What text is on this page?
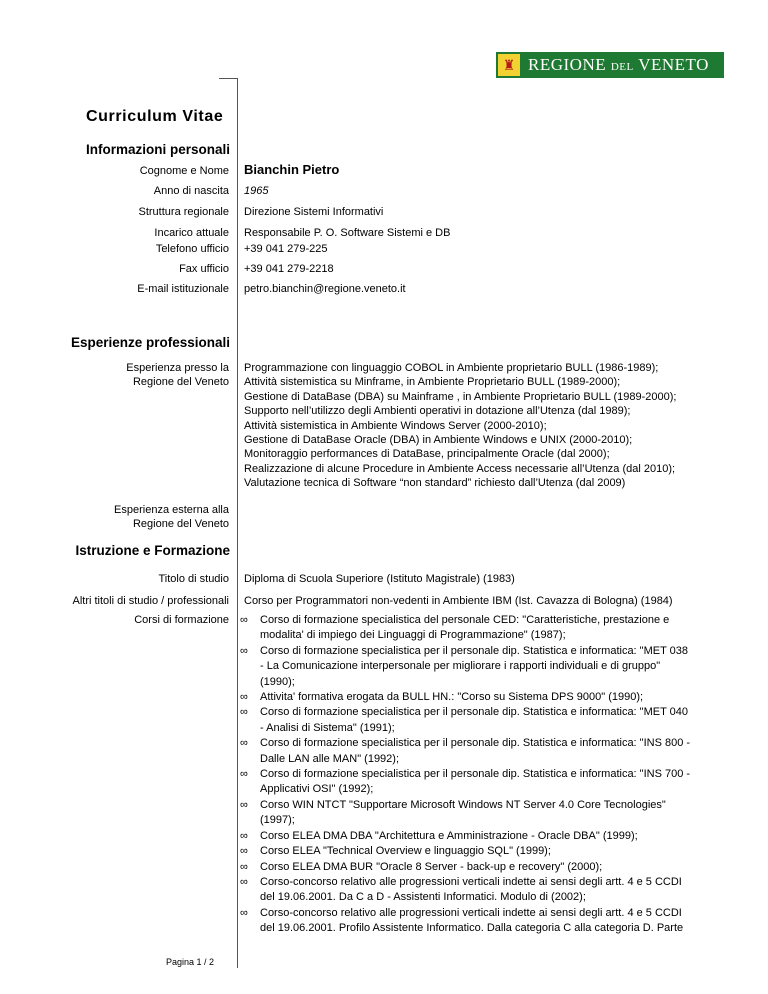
♜ REGIONE DEL VENETO
Curriculum Vitae
Informazioni personali
Cognome e Nome Bianchin Pietro
Anno di nascita 1965
Struttura regionale Direzione Sistemi Informativi
Incarico attuale Responsabile P. O. Software Sistemi e DB
Telefono ufficio +39 041 279-225
Fax ufficio +39 041 279-2218
E-mail istituzionale petro.bianchin@regione.veneto.it
Esperienze professionali
Esperienza presso la
Regione del Veneto
Programmazione con linguaggio COBOL in Ambiente proprietario BULL (1986-1989);
Attività sistemistica su Minframe, in Ambiente Proprietario BULL (1989-2000);
Gestione di DataBase (DBA) su Mainframe , in Ambiente Proprietario BULL (1989-2000);
Supporto nell’utilizzo degli Ambienti operativi in dotazione all’Utenza (dal 1989);
Attività sistemistica in Ambiente Windows Server (2000-2010);
Gestione di DataBase Oracle (DBA) in Ambiente Windows e UNIX (2000-2010);
Monitoraggio performances di DataBase, principalmente Oracle (dal 2000);
Realizzazione di alcune Procedure in Ambiente Access necessarie all’Utenza (dal 2010);
Valutazione tecnica di Software “non standard” richiesto dall’Utenza (dal 2009)
Esperienza esterna alla
Regione del Veneto
Istruzione e Formazione
Titolo di studio Diploma di Scuola Superiore (Istituto Magistrale) (1983)
Altri titoli di studio / professionali Corso per Programmatori non-vedenti in Ambiente IBM (Ist. Cavazza di Bologna) (1984)
Corsi di formazione ∞ Corso di formazione specialistica del personale CED: "Caratteristiche, prestazione e
modalita' di impiego dei Linguaggi di Programmazione" (1987);
∞ Corso di formazione specialistica per il personale dip. Statistica e informatica: "MET 038
- La Comunicazione interpersonale per migliorare i rapporti individuali e di gruppo"
(1990);
∞ Attivita' formativa erogata da BULL HN.: "Corso su Sistema DPS 9000" (1990);
∞ Corso di formazione specialistica per il personale dip. Statistica e informatica: "MET 040
- Analisi di Sistema" (1991);
∞ Corso di formazione specialistica per il personale dip. Statistica e informatica: "INS 800 -
Dalle LAN alle MAN" (1992);
∞ Corso di formazione specialistica per il personale dip. Statistica e informatica: "INS 700 -
Applicativi OSI" (1992);
∞ Corso WIN NTCT "Supportare Microsoft Windows NT Server 4.0 Core Tecnologies"
(1997);
∞ Corso ELEA DMA DBA "Architettura e Amministrazione - Oracle DBA" (1999);
∞ Corso ELEA "Technical Overview e linguaggio SQL" (1999);
∞ Corso ELEA DMA BUR "Oracle 8 Server - back-up e recovery" (2000);
∞ Corso-concorso relativo alle progressioni verticali indette ai sensi degli artt. 4 e 5 CCDI
del 19.06.2001. Da C a D - Assistenti Informatici. Modulo di (2002);
∞ Corso-concorso relativo alle progressioni verticali indette ai sensi degli artt. 4 e 5 CCDI
del 19.06.2001. Profilo Assistente Informatico. Dalla categoria C alla categoria D. Parte
Pagina 1 / 2
